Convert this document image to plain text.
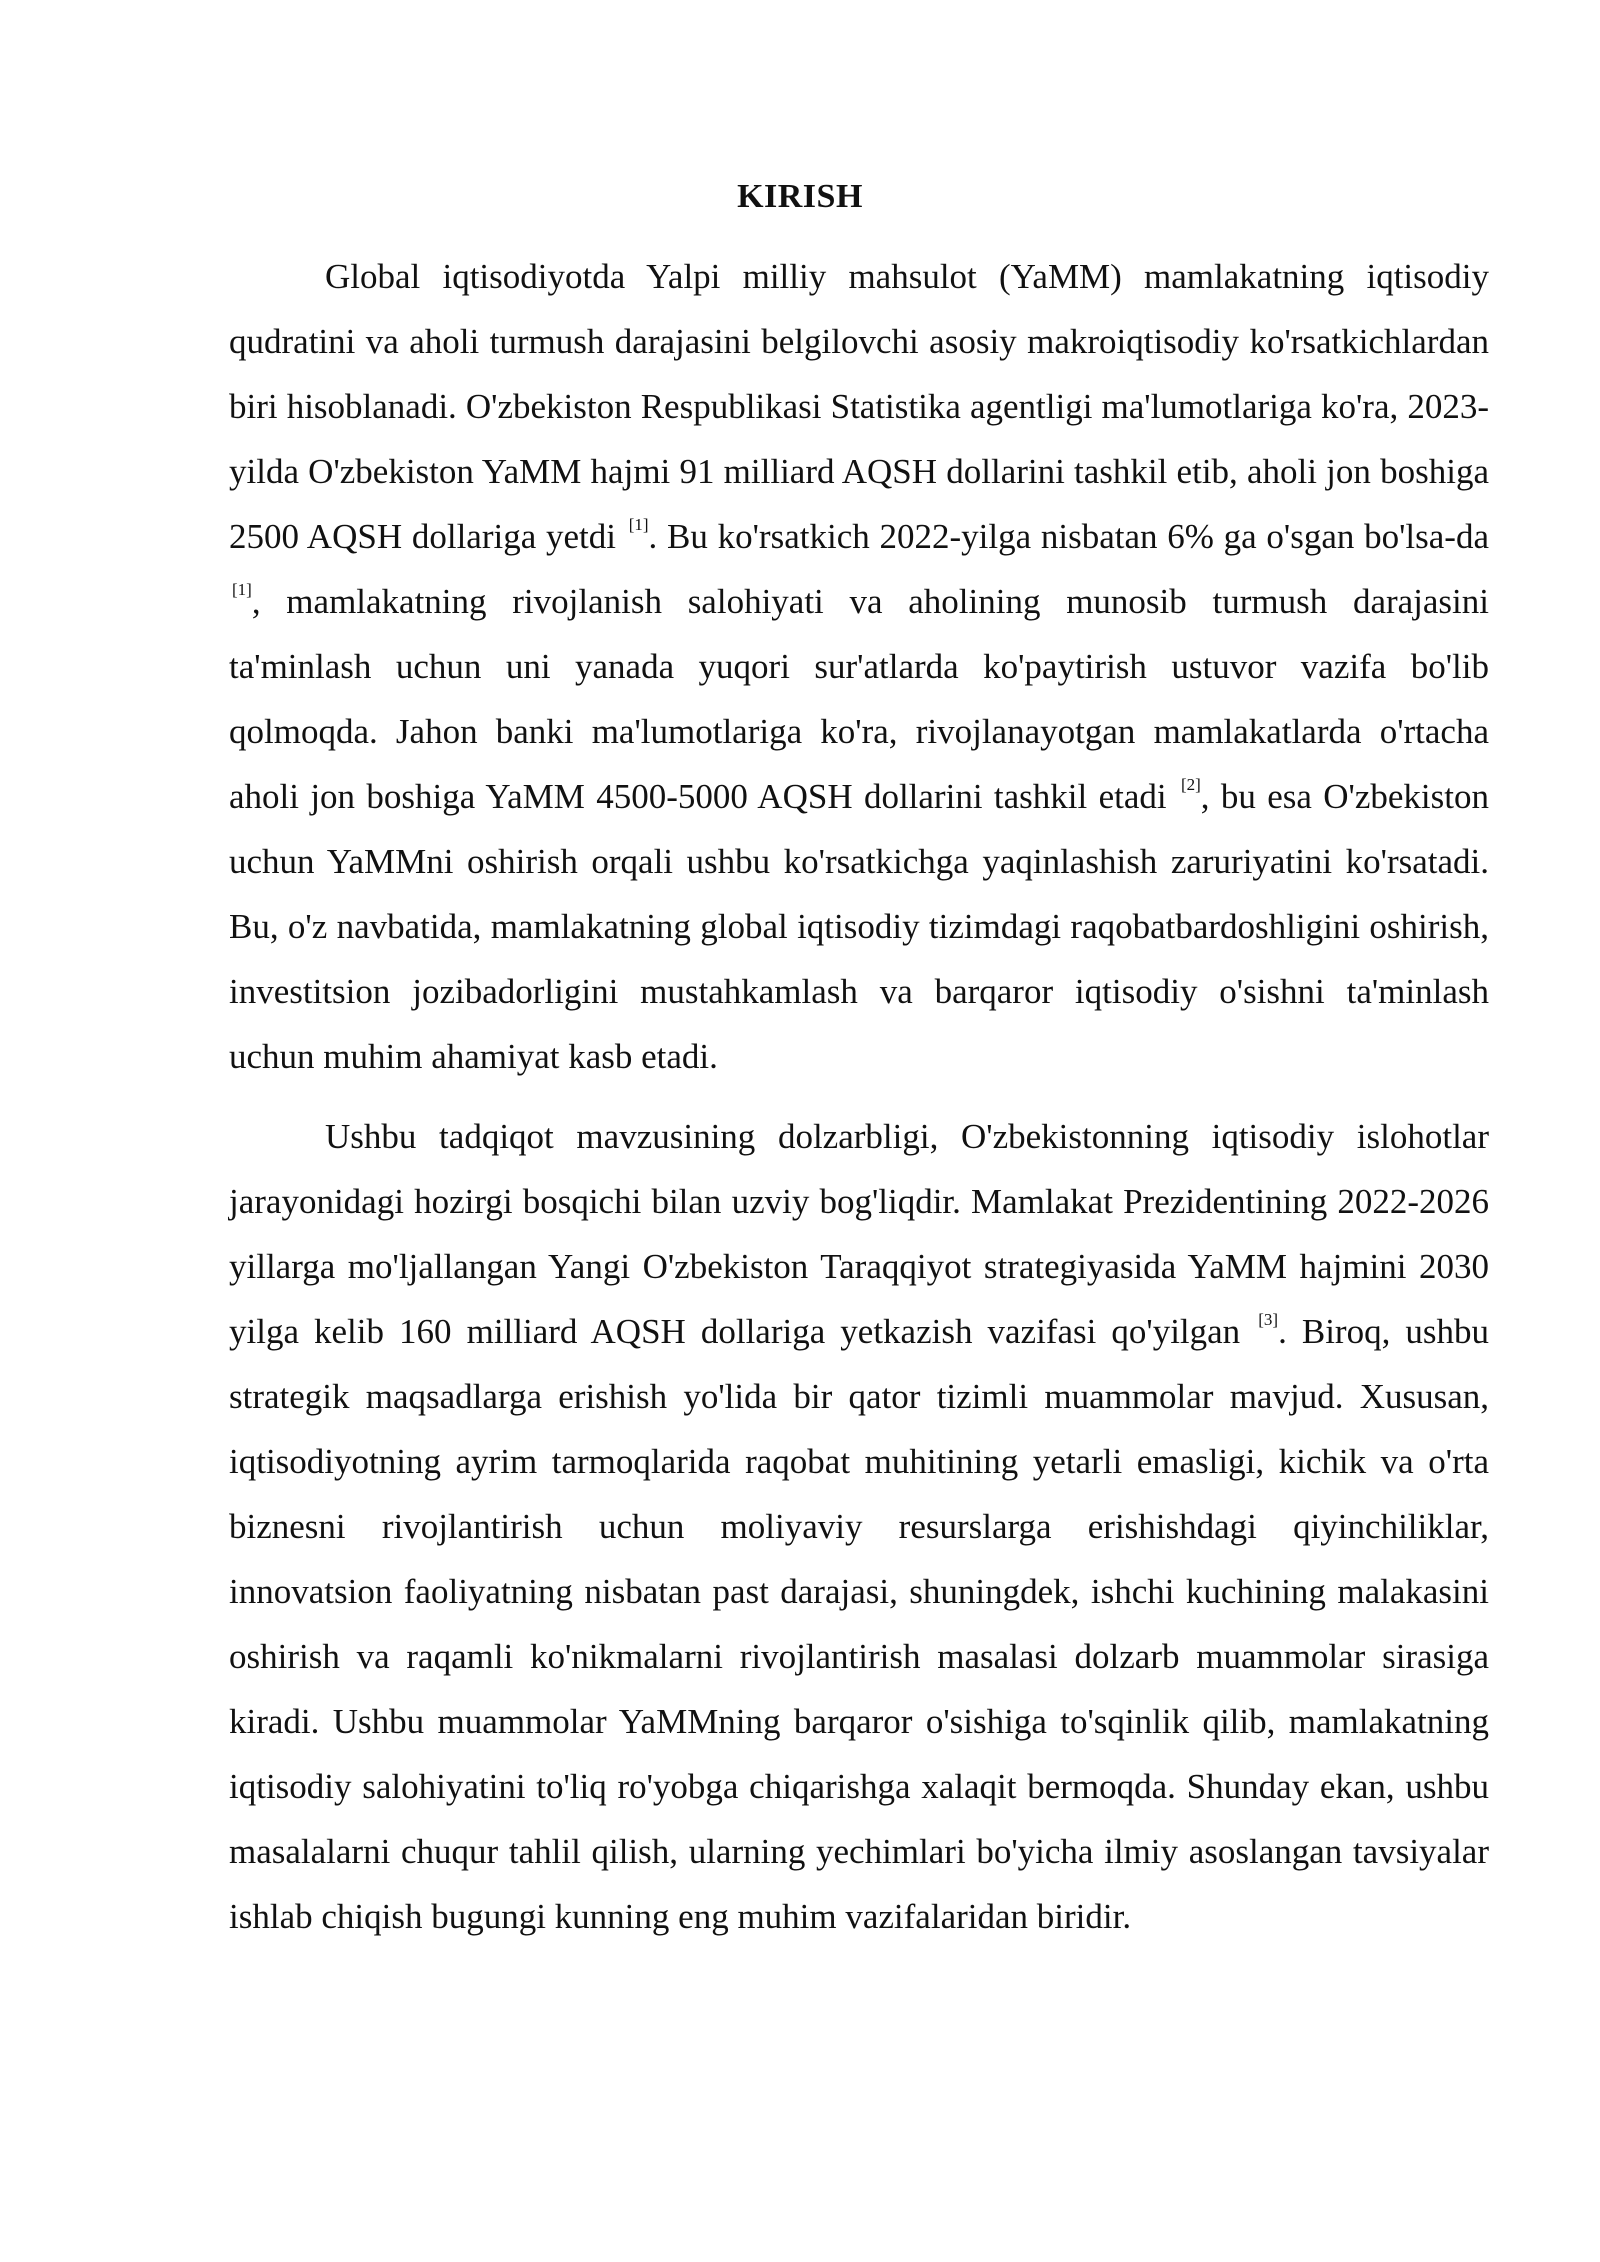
KIRISH

Global iqtisodiyotda Yalpi milliy mahsulot (YaMM) mamlakatning iqtisodiy qudratini va aholi turmush darajasini belgilovchi asosiy makroiqtisodiy ko'rsatkichlardan biri hisoblanadi. O'zbekiston Respublikasi Statistika agentligi ma'lumotlariga ko'ra, 2023-yilda O'zbekiston YaMM hajmi 91 milliard AQSH dollarini tashkil etib, aholi jon boshiga 2500 AQSH dollariga yetdi [1]. Bu ko'rsatkich 2022-yilga nisbatan 6% ga o'sgan bo'lsa-da [1], mamlakatning rivojlanish salohiyati va aholining munosib turmush darajasini ta'minlash uchun uni yanada yuqori sur'atlarda ko'paytirish ustuvor vazifa bo'lib qolmoqda. Jahon banki ma'lumotlariga ko'ra, rivojlanayotgan mamlakatlarda o'rtacha aholi jon boshiga YaMM 4500-5000 AQSH dollarini tashkil etadi [2], bu esa O'zbekiston uchun YaMMni oshirish orqali ushbu ko'rsatkichga yaqinlashish zaruriyatini ko'rsatadi. Bu, o'z navbatida, mamlakatning global iqtisodiy tizimdagi raqobatbardoshligini oshirish, investitsion jozibadorligini mustahkamlash va barqaror iqtisodiy o'sishni ta'minlash uchun muhim ahamiyat kasb etadi.

Ushbu tadqiqot mavzusining dolzarbligi, O'zbekistonning iqtisodiy islohotlar jarayonidagi hozirgi bosqichi bilan uzviy bog'liqdir. Mamlakat Prezidentining 2022-2026 yillarga mo'ljallangan Yangi O'zbekiston Taraqqiyot strategiyasida YaMM hajmini 2030 yilga kelib 160 milliard AQSH dollariga yetkazish vazifasi qo'yilgan [3]. Biroq, ushbu strategik maqsadlarga erishish yo'lida bir qator tizimli muammolar mavjud. Xususan, iqtisodiyotning ayrim tarmoqlarida raqobat muhitining yetarli emasligi, kichik va o'rta biznesni rivojlantirish uchun moliyaviy resurslarga erishishdagi qiyinchiliklar, innovatsion faoliyatning nisbatan past darajasi, shuningdek, ishchi kuchining malakasini oshirish va raqamli ko'nikmalarni rivojlantirish masalasi dolzarb muammolar sirasiga kiradi. Ushbu muammolar YaMMning barqaror o'sishiga to'sqinlik qilib, mamlakatning iqtisodiy salohiyatini to'liq ro'yobga chiqarishga xalaqit bermoqda. Shunday ekan, ushbu masalalarni chuqur tahlil qilish, ularning yechimlari bo'yicha ilmiy asoslangan tavsiyalar ishlab chiqish bugungi kunning eng muhim vazifalaridan biridir.
